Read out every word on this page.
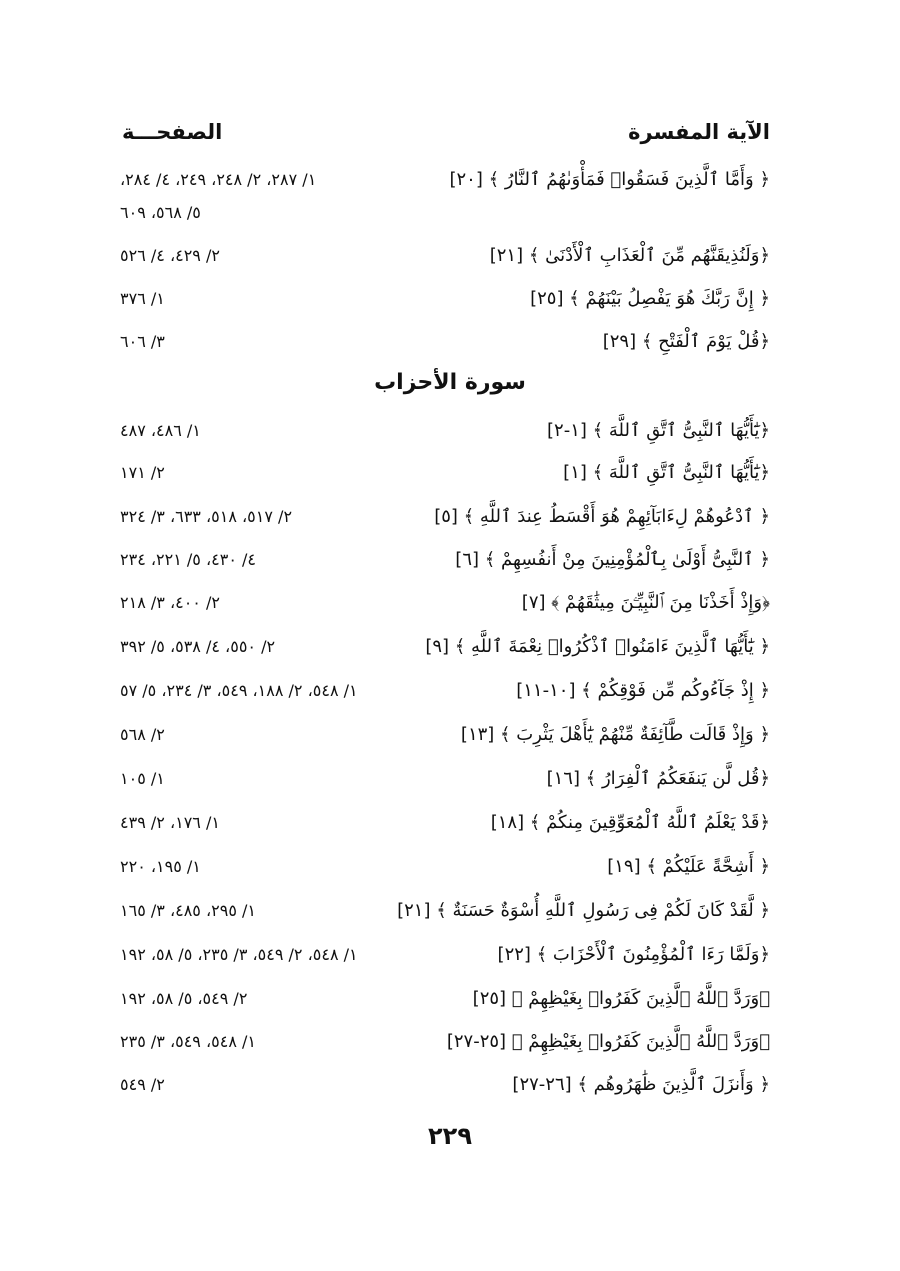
الآية المفسرة
الصفحـــة
﴿ وَأَمَّا ٱلَّذِينَ فَسَقُوا۟ فَمَأْوَىٰهُمُ ٱلنَّارُ ﴾ [٢٠]
١/ ٢٨٧، ٢/ ٢٤٨، ٢٤٩، ٤/ ٢٨٤،
٥/ ٥٦٨، ٦٠٩
﴿وَلَنُذِيقَنَّهُم مِّنَ ٱلْعَذَابِ ٱلْأَدْنَىٰ ﴾ [٢١]
٢/ ٤٢٩، ٤/ ٥٢٦
﴿ إِنَّ رَبَّكَ هُوَ يَفْصِلُ بَيْنَهُمْ ﴾ [٢٥]
١/ ٣٧٦
﴿قُلْ يَوْمَ ٱلْفَتْحِ ﴾ [٢٩]
٣/ ٦٠٦
سورة الأحزاب
﴿يَٰٓأَيُّهَا ٱلنَّبِىُّ ٱتَّقِ ٱللَّهَ ﴾ [١-٢]
١/ ٤٨٦، ٤٨٧
﴿يَٰٓأَيُّهَا ٱلنَّبِىُّ ٱتَّقِ ٱللَّهَ ﴾ [١]
٢/ ١٧١
﴿ ٱدْعُوهُمْ لِءَابَآئِهِمْ هُوَ أَقْسَطُ عِندَ ٱللَّهِ ﴾ [٥]
٢/ ٥١٧، ٥١٨، ٦٣٣، ٣/ ٣٢٤
﴿ ٱلنَّبِىُّ أَوْلَىٰ بِٱلْمُؤْمِنِينَ مِنْ أَنفُسِهِمْ ﴾ [٦]
٤/ ٤٣٠، ٥/ ٢٢١، ٢٣٤
﴿وَإِذْ أَخَذْنَا مِنَ ٱلنَّبِيِّـۧنَ مِيثَٰقَهُمْ ﴾ [٧]
٢/ ٤٠٠، ٣/ ٢١٨
﴿ يَٰٓأَيُّهَا ٱلَّذِينَ ءَامَنُوا۟ ٱذْكُرُوا۟ نِعْمَةَ ٱللَّهِ ﴾ [٩]
٢/ ٥٥٠، ٤/ ٥٣٨، ٥/ ٣٩٢
﴿ إِذْ جَآءُوكُم مِّن فَوْقِكُمْ ﴾ [١٠-١١]
١/ ٥٤٨، ٢/ ١٨٨، ٥٤٩، ٣/ ٢٣٤، ٥/ ٥٧
﴿ وَإِذْ قَالَت طَّآئِفَةٌ مِّنْهُمْ يَٰٓأَهْلَ يَثْرِبَ ﴾ [١٣]
٢/ ٥٦٨
﴿قُل لَّن يَنفَعَكُمُ ٱلْفِرَارُ ﴾ [١٦]
١/ ١٠٥
﴿قَدْ يَعْلَمُ ٱللَّهُ ٱلْمُعَوِّقِينَ مِنكُمْ ﴾ [١٨]
١/ ١٧٦، ٢/ ٤٣٩
﴿ أَشِحَّةً عَلَيْكُمْ ﴾ [١٩]
١/ ١٩٥، ٢٢٠
﴿ لَّقَدْ كَانَ لَكُمْ فِى رَسُولِ ٱللَّهِ أُسْوَةٌ حَسَنَةٌ ﴾ [٢١]
١/ ٢٩٥، ٤٨٥، ٣/ ١٦٥
﴿وَلَمَّا رَءَا ٱلْمُؤْمِنُونَ ٱلْأَحْزَابَ ﴾ [٢٢]
١/ ٥٤٨، ٢/ ٥٤٩، ٣/ ٢٣٥، ٥/ ٥٨، ١٩٢
﴿وَرَدَّ ٱللَّهُ ٱلَّذِينَ كَفَرُوا۟ بِغَيْظِهِمْ ﴾ [٢٥]
٢/ ٥٤٩، ٥/ ٥٨، ١٩٢
﴿وَرَدَّ ٱللَّهُ ٱلَّذِينَ كَفَرُوا۟ بِغَيْظِهِمْ ﴾ [٢٥-٢٧]
١/ ٥٤٨، ٥٤٩، ٣/ ٢٣٥
﴿ وَأَنزَلَ ٱلَّذِينَ ظَٰهَرُوهُم ﴾ [٢٦-٢٧]
٢/ ٥٤٩
٢٢٩
